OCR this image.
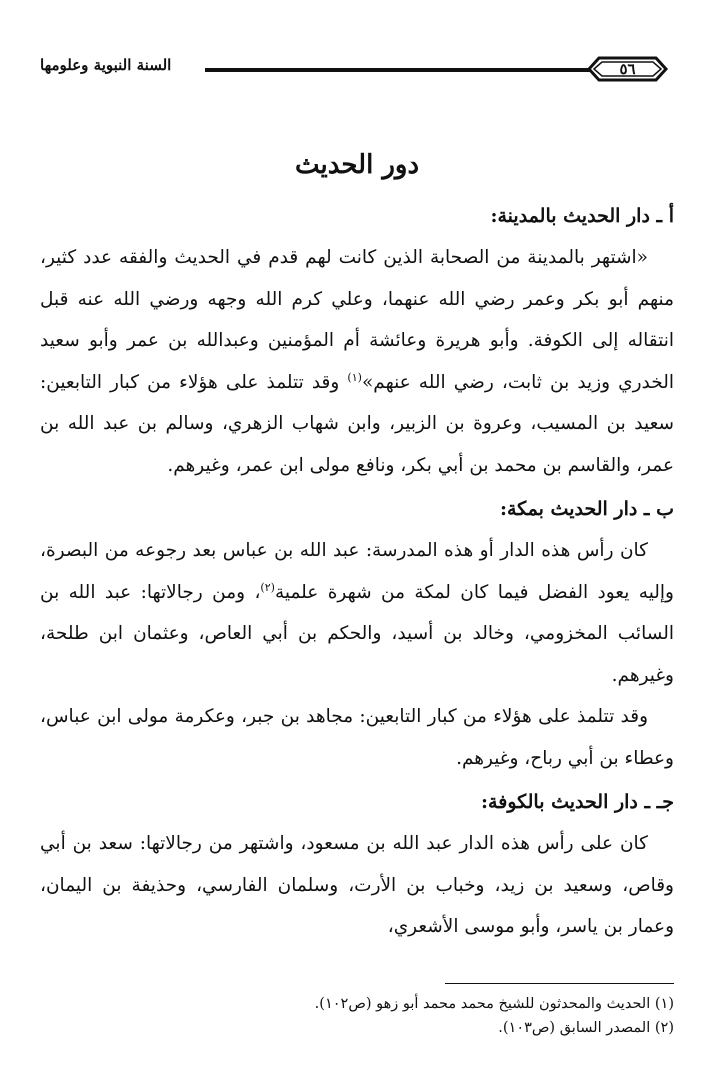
السنة النبوية وعلومها	٥٦
دور الحديث
أ ـ دار الحديث بالمدينة:

«اشتهر بالمدينة من الصحابة الذين كانت لهم قدم في الحديث والفقه عدد كثير، منهم أبو بكر وعمر رضي الله عنهما، وعلي كرم الله وجهه ورضي الله عنه قبل انتقاله إلى الكوفة. وأبو هريرة وعائشة أم المؤمنين وعبدالله بن عمر وأبو سعيد الخدري وزيد بن ثابت، رضي الله عنهم»$^{(١)}$ وقد تتلمذ على هؤلاء من كبار التابعين: سعيد بن المسيب، وعروة بن الزبير، وابن شهاب الزهري، وسالم بن عبد الله بن عمر، والقاسم بن محمد بن أبي بكر، ونافع مولى ابن عمر، وغيرهم.

ب ـ دار الحديث بمكة:

كان رأس هذه الدار أو هذه المدرسة: عبد الله بن عباس بعد رجوعه من البصرة، وإليه يعود الفضل فيما كان لمكة من شهرة علمية$^{(٢)}$، ومن رجالاتها: عبد الله بن السائب المخزومي، وخالد بن أسيد، والحكم بن أبي العاص، وعثمان ابن طلحة، وغيرهم.

وقد تتلمذ على هؤلاء من كبار التابعين: مجاهد بن جبر، وعكرمة مولى ابن عباس، وعطاء بن أبي رباح، وغيرهم.

جـ ـ دار الحديث بالكوفة:

كان على رأس هذه الدار عبد الله بن مسعود، واشتهر من رجالاتها: سعد بن أبي وقاص، وسعيد بن زيد، وخباب بن الأرت، وسلمان الفارسي، وحذيفة بن اليمان، وعمار بن ياسر، وأبو موسى الأشعري،

(١) الحديث والمحدثون للشيخ محمد محمد أبو زهو (ص١٠٢).

(٢) المصدر السابق (ص١٠٣).
